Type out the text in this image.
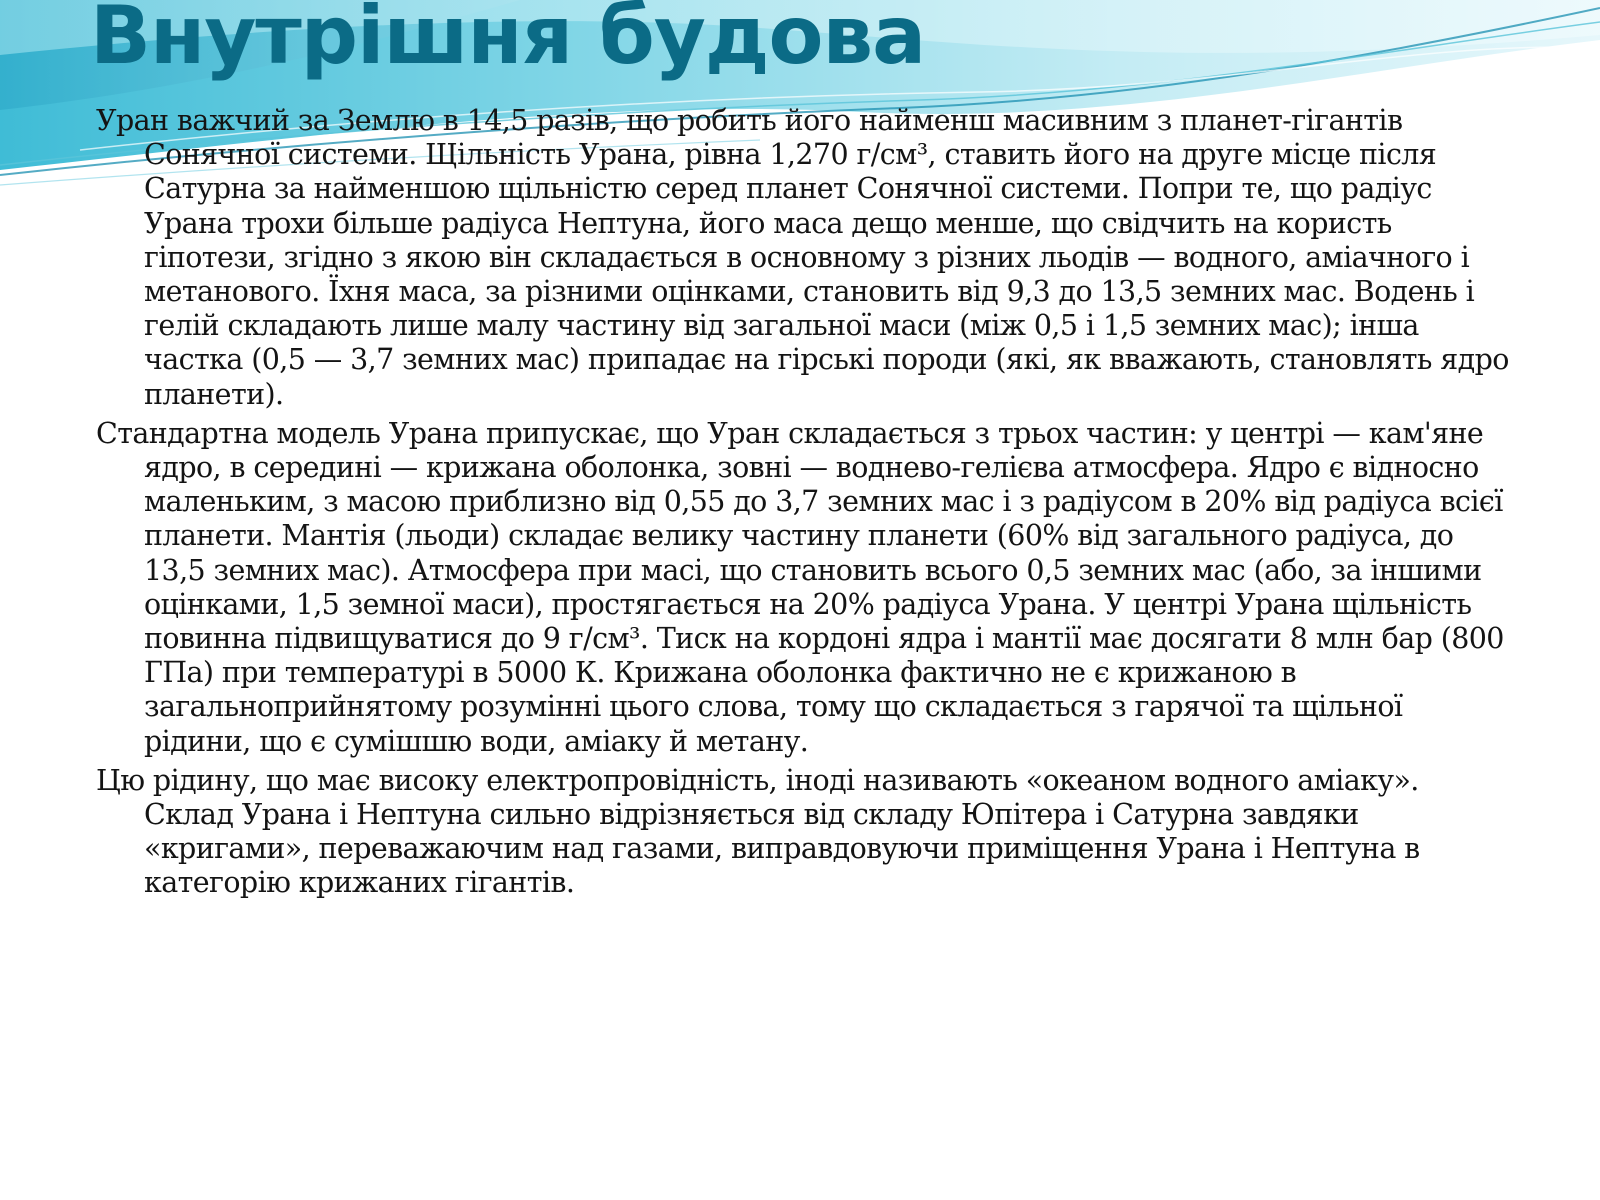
Внутрішня будова

Уран важчий за Землю в 14,5 разів, що робить його найменш масивним з планет-гігантів Сонячної системи. Щільність Урана, рівна 1,270 г/см³, ставить його на друге місце після Сатурна за найменшою щільністю серед планет Сонячної системи. Попри те, що радіус Урана трохи більше радіуса Нептуна, його маса дещо менше, що свідчить на користь гіпотези, згідно з якою він складається в основному з різних льодів — водного, аміачного і метанового. Їхня маса, за різними оцінками, становить від 9,3 до 13,5 земних мас. Водень і гелій складають лише малу частину від загальної маси (між 0,5 і 1,5 земних мас); інша частка (0,5 — 3,7 земних мас) припадає на гірські породи (які, як вважають, становлять ядро планети).

Стандартна модель Урана припускає, що Уран складається з трьох частин: у центрі — кам'яне ядро, в середині — крижана оболонка, зовні — воднево-гелієва атмосфера. Ядро є відносно маленьким, з масою приблизно від 0,55 до 3,7 земних мас і з радіусом в 20% від радіуса всієї планети. Мантія (льоди) складає велику частину планети (60% від загального радіуса, до 13,5 земних мас). Атмосфера при масі, що становить всього 0,5 земних мас (або, за іншими оцінками, 1,5 земної маси), простягається на 20% радіуса Урана. У центрі Урана щільність повинна підвищуватися до 9 г/см³. Тиск на кордоні ядра і мантії має досягати 8 млн бар (800 ГПа) при температурі в 5000 К. Крижана оболонка фактично не є крижаною в загальноприйнятому розумінні цього слова, тому що складається з гарячої та щільної рідини, що є сумішшю води, аміаку й метану.

Цю рідину, що має високу електропровідність, іноді називають «океаном водного аміаку». Склад Урана і Нептуна сильно відрізняється від складу Юпітера і Сатурна завдяки «кригами», переважаючим над газами, виправдовуючи приміщення Урана і Нептуна в категорію крижаних гігантів.
